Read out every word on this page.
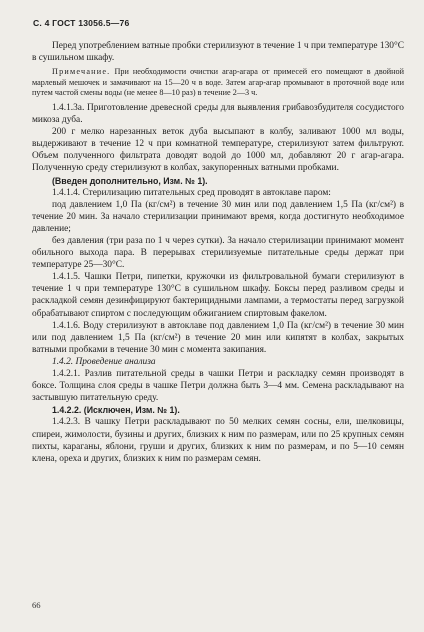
С. 4 ГОСТ 13056.5—76

Перед употреблением ватные пробки стерилизуют в течение 1 ч при температуре 130°С в сушильном шкафу.

Примечание. При необходимости очистки агар-агара от примесей его помещают в двойной марлевый мешочек и замачивают на 15—20 ч в воде. Затем агар-агар промывают в проточной воде или путем частой смены воды (не менее 8—10 раз) в течение 2—3 ч.

1.4.1.3а. Приготовление древесной среды для выявления грибавозбудителя сосудистого микоза дуба.

200 г мелко нарезанных веток дуба высыпают в колбу, заливают 1000 мл воды, выдерживают в течение 12 ч при комнатной температуре, стерилизуют затем фильтруют. Объем полученного фильтрата доводят водой до 1000 мл, добавляют 20 г агар-агара. Полученную среду стерилизуют в колбах, закупоренных ватными пробками.

(Введен дополнительно, Изм. № 1).

1.4.1.4. Стерилизацию питательных сред проводят в автоклаве паром:

под давлением 1,0 Па (кг/см²) в течение 30 мин или под давлением 1,5 Па (кг/см²) в течение 20 мин. За начало стерилизации принимают время, когда достигнуто необходимое давление;

без давления (три раза по 1 ч через сутки). За начало стерилизации принимают момент обильного выхода пара. В перерывах стерилизуемые питательные среды держат при температуре 25—30°С.

1.4.1.5. Чашки Петри, пипетки, кружочки из фильтровальной бумаги стерилизуют в течение 1 ч при температуре 130°С в сушильном шкафу. Боксы перед разливом среды и раскладкой семян дезинфицируют бактерицидными лампами, а термостаты перед загрузкой обрабатывают спиртом с последующим обжиганием спиртовым факелом.

1.4.1.6. Воду стерилизуют в автоклаве под давлением 1,0 Па (кг/см²) в течение 30 мин или под давлением 1,5 Па (кг/см²) в течение 20 мин или кипятят в колбах, закрытых ватными пробками в течение 30 мин с момента закипания.

1.4.2. Проведение анализа

1.4.2.1. Разлив питательной среды в чашки Петри и раскладку семян производят в боксе. Толщина слоя среды в чашке Петри должна быть 3—4 мм. Семена раскладывают на застывшую питательную среду.

1.4.2.2. (Исключен, Изм. № 1).

1.4.2.3. В чашку Петри раскладывают по 50 мелких семян сосны, ели, шелковицы, спиреи, жимолости, бузины и других, близких к ним по размерам, или по 25 крупных семян пихты, караганы, яблони, груши и других, близких к ним по размерам, и по 5—10 семян клена, ореха и других, близких к ним по размерам семян.

66
